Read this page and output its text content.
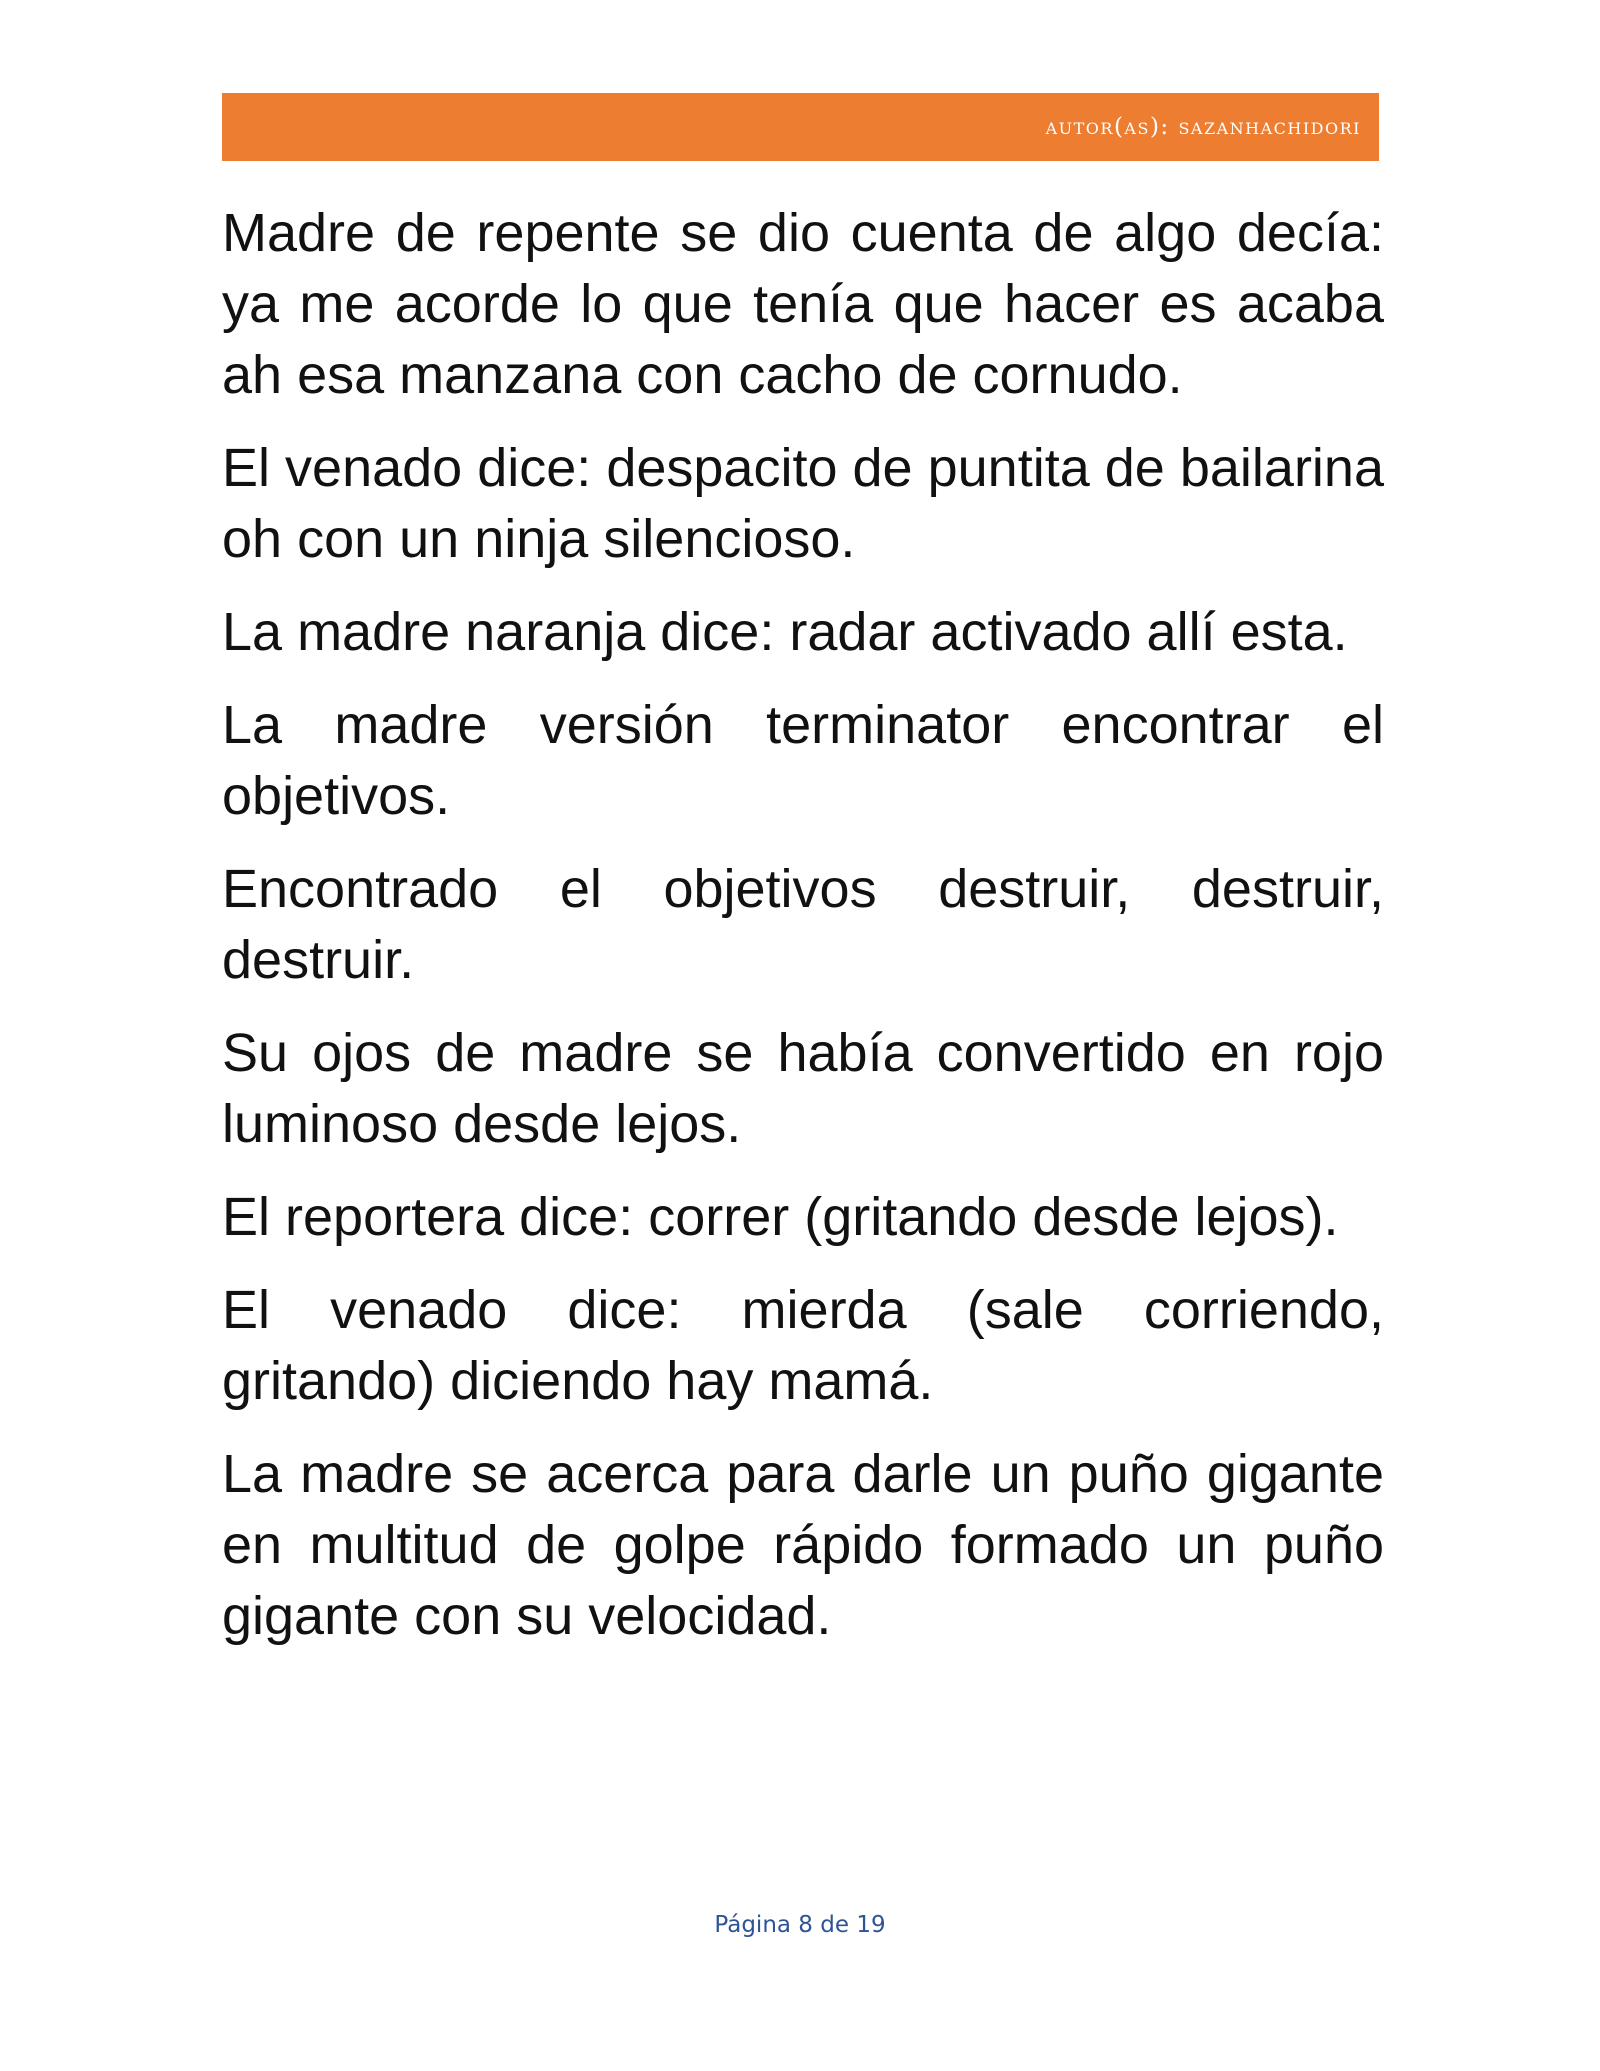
autor(as): sazanhachidori

Madre de repente se dio cuenta de algo decía: ya me acorde lo que tenía que hacer es acaba ah esa manzana con cacho de cornudo.

El venado dice: despacito de puntita de bailarina oh con un ninja silencioso.

La madre naranja dice: radar activado allí esta.

La madre versión terminator encontrar el objetivos.

Encontrado el objetivos destruir, destruir, destruir.

Su ojos de madre se había convertido en rojo luminoso desde lejos.

El reportera dice: correr (gritando desde lejos).

El venado dice: mierda (sale corriendo, gritando) diciendo hay mamá.

La madre se acerca para darle un puño gigante en multitud de golpe rápido formado un puño gigante con su velocidad.

Página 8 de 19
